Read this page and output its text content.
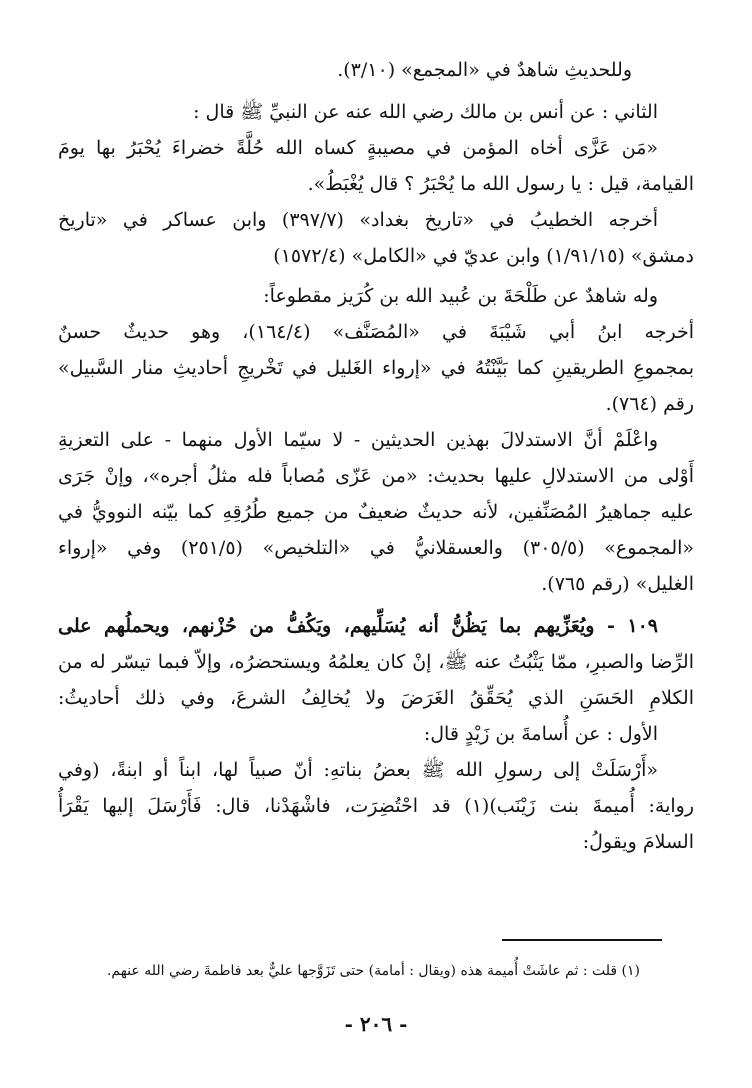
وللحديثِ شاهدٌ في «المجمع» (٣/١٠).
الثاني : عن أنس بن مالك رضي الله عنه عن النبيِّ ﷺ قال :
«مَن عَزَّى أخاه المؤمن في مصيبةٍ كساه الله حُلَّةً خضراءَ يُحْبَرُ بها يومَ
القيامة، قيل : يا رسول الله ما يُحْبَرُ ؟ قال يُغْبَطُ».
أخرجه الخطيبُ في «تاريخ بغداد» (٣٩٧/٧) وابن عساكر في «تاريخ
دمشق» (١/٩١/١٥) وابن عديّ في «الكامل» (١٥٧٢/٤)
وله شاهدٌ عن طَلْحَةَ بن عُبيد الله بن كُرَيز مقطوعاً:
أخرجه ابنُ أبي شَيْبَةَ في «المُصَنَّف» (١٦٤/٤)، وهو حديثٌ حسنٌ
بمجموعِ الطريقينِ كما بَيَّنْتُهُ في «إرواء الغَليل في تَخْريجِ أحاديثِ منار السَّبيل»
رقم (٧٦٤).
واعْلَمْ أنَّ الاستدلالَ بهذين الحديثين - لا سيّما الأول منهما - على التعزيةِ
أَوْلى من الاستدلالِ عليها بحديث: «من عَزّى مُصاباً فله مثلُ أجره»، وإنْ جَرَى
عليه جماهيرُ المُصَنِّفين، لأنه حديثٌ ضعيفٌ من جميع طُرُقِهِ كما بيّنه النوويُّ في
«المجموع» (٣٠٥/٥) والعسقلانيُّ في «التلخيص» (٢٥١/٥) وفي «إرواء
الغليل» (رقم ٧٦٥).
١٠٩ - ويُعَزِّيهم بما يَظُنُّ أنه يُسَلِّيهم، ويَكُفُّ من حُزْنهم، ويحملُهم على
الرِّضا والصبرِ، ممّا يَثْبُتُ عنه ﷺ، إنْ كان يعلمُهُ ويستحضرُه، وإلاّ فبما تيسّر له من
الكلامِ الحَسَنِ الذي يُحَقِّقُ الغَرَضَ ولا يُخالِفُ الشرعَ، وفي ذلك أحاديثُ:
الأول : عن أُسامةَ بن زَيْدٍ قال:
«أَرْسَلَتْ إلى رسولِ الله ﷺ بعضُ بناتهِ: أنّ صبياً لها، ابناً أو ابنةً، (وفي
رواية: أُميمةَ بنت زَيْنَب)(١) قد احْتُضِرَت، فاشْهَدْنا، قال: فَأَرْسَلَ إليها يَقْرَأُ
السلامَ ويقولُ:
(١) قلت : ثم عاشَتْ أُميمة هذه (ويقال : أمامة) حتى تَزَوَّجها عليٌّ بعد فاطمةَ رضي الله عنهم.
- ٢٠٦ -
